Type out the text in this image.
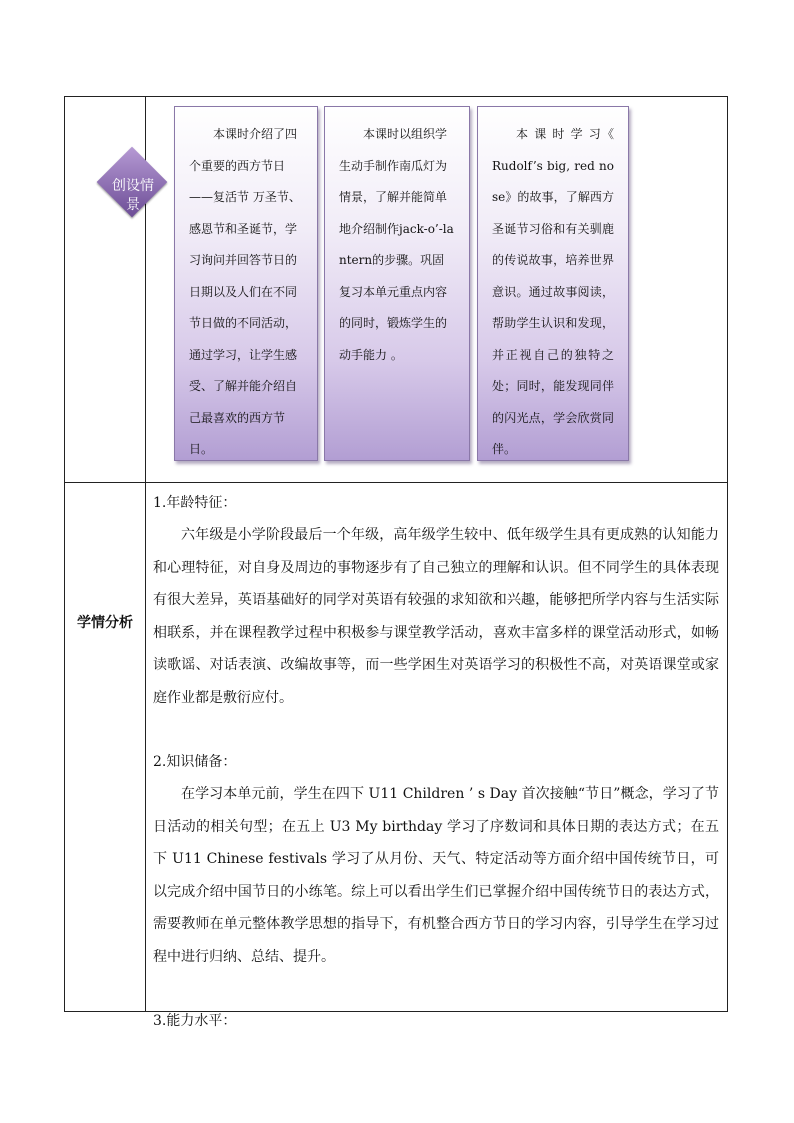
创设情景

本课时介绍了四个重要的西方节日——复活节 万圣节、感恩节和圣诞节，学习询问并回答节日的日期以及人们在不同节日做的不同活动，通过学习，让学生感受、了解并能介绍自己最喜欢的西方节日。

本课时以组织学生动手制作南瓜灯为情景，了解并能简单地介绍制作jack-o’-lantern的步骤。巩固复习本单元重点内容的同时，锻炼学生的动手能力 。

本 课 时 学 习《 Rudolf’s big, red nose》的故事，了解西方圣诞节习俗和有关驯鹿的传说故事，培养世界意识。通过故事阅读，帮助学生认识和发现，并正视自己的独特之处；同时，能发现同伴的闪光点，学会欣赏同伴。

学情分析

1.年龄特征：

六年级是小学阶段最后一个年级，高年级学生较中、低年级学生具有更成熟的认知能力和心理特征，对自身及周边的事物逐步有了自己独立的理解和认识。但不同学生的具体表现有很大差异，英语基础好的同学对英语有较强的求知欲和兴趣，能够把所学内容与生活实际相联系，并在课程教学过程中积极参与课堂教学活动，喜欢丰富多样的课堂活动形式，如畅读歌谣、对话表演、改编故事等，而一些学困生对英语学习的积极性不高，对英语课堂或家庭作业都是敷衍应付。

2.知识储备：

在学习本单元前，学生在四下 U11 Children ’ s Day 首次接触“节日”概念，学习了节日活动的相关句型；在五上 U3 My birthday 学习了序数词和具体日期的表达方式；在五下 U11 Chinese festivals 学习了从月份、天气、特定活动等方面介绍中国传统节日，可以完成介绍中国节日的小练笔。综上可以看出学生们已掌握介绍中国传统节日的表达方式，需要教师在单元整体教学思想的指导下，有机整合西方节日的学习内容，引导学生在学习过程中进行归纳、总结、提升。

3.能力水平：
